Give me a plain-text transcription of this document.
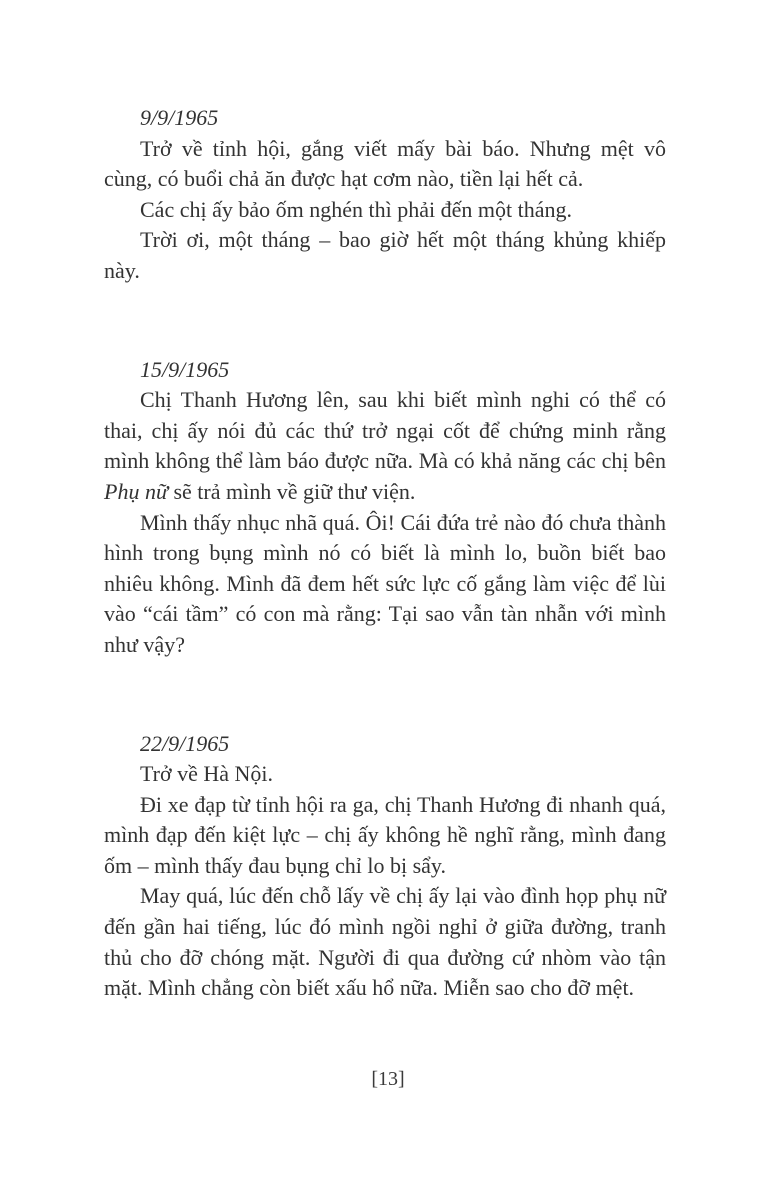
9/9/1965

Trở về tỉnh hội, gắng viết mấy bài báo. Nhưng mệt vô cùng, có buổi chả ăn được hạt cơm nào, tiền lại hết cả.

Các chị ấy bảo ốm nghén thì phải đến một tháng.

Trời ơi, một tháng – bao giờ hết một tháng khủng khiếp này.

15/9/1965

Chị Thanh Hương lên, sau khi biết mình nghi có thể có thai, chị ấy nói đủ các thứ trở ngại cốt để chứng minh rằng mình không thể làm báo được nữa. Mà có khả năng các chị bên Phụ nữ sẽ trả mình về giữ thư viện.

Mình thấy nhục nhã quá. Ôi! Cái đứa trẻ nào đó chưa thành hình trong bụng mình nó có biết là mình lo, buồn biết bao nhiêu không. Mình đã đem hết sức lực cố gắng làm việc để lùi vào “cái tầm” có con mà rằng: Tại sao vẫn tàn nhẫn với mình như vậy?

22/9/1965

Trở về Hà Nội.

Đi xe đạp từ tỉnh hội ra ga, chị Thanh Hương đi nhanh quá, mình đạp đến kiệt lực – chị ấy không hề nghĩ rằng, mình đang ốm – mình thấy đau bụng chỉ lo bị sẩy.

May quá, lúc đến chỗ lấy về chị ấy lại vào đình họp phụ nữ đến gần hai tiếng, lúc đó mình ngồi nghỉ ở giữa đường, tranh thủ cho đỡ chóng mặt. Người đi qua đường cứ nhòm vào tận mặt. Mình chẳng còn biết xấu hổ nữa. Miễn sao cho đỡ mệt.

[13]
